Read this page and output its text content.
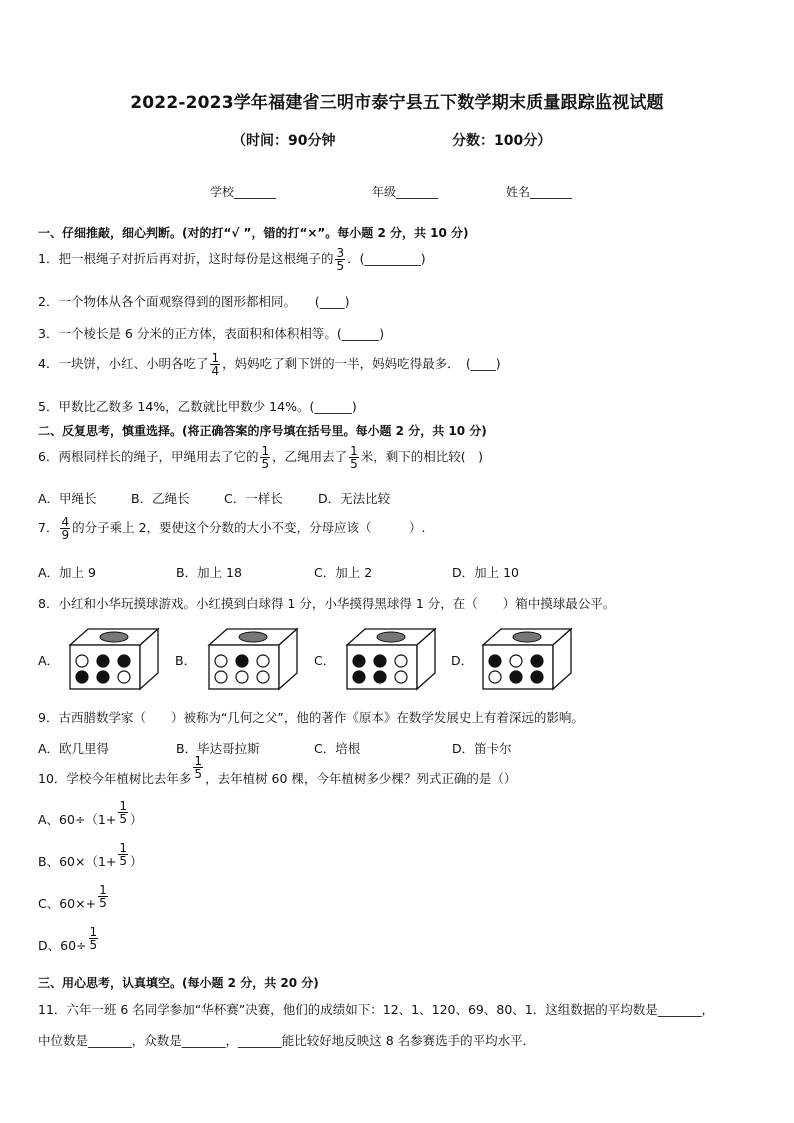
2022-2023学年福建省三明市泰宁县五下数学期末质量跟踪监视试题
（时间：90分钟	分数：100分）
学校_______	年级_______	姓名_______
一、仔细推敲，细心判断。(对的打“√ ”，错的打“×”。每小题 2 分，共 10 分)
1．把一根绳子对折后再对折，这时每份是这根绳子的 $\frac{3}{5}$ ．(_________)
2．一个物体从各个面观察得到的图形都相同。　　(____)
3．一个棱长是 6 分米的正方体，表面积和体积相等。(______)
4．一块饼，小红、小明各吃了 $\frac{1}{4}$ ，妈妈吃了剩下饼的一半，妈妈吃得最多．　(____)
5．甲数比乙数多 14%，乙数就比甲数少 14%。(______)
二、反复思考，慎重选择。(将正确答案的序号填在括号里。每小题 2 分，共 10 分)
6．两根同样长的绳子，甲绳用去了它的 $\frac{1}{5}$ ，乙绳用去了 $\frac{1}{5}$ 米，剩下的相比较(　)
A．甲绳长	B．乙绳长	C．一样长	D．无法比较
7． $\frac{4}{9}$ 的分子乘上 2，要使这个分数的大小不变，分母应该（　　　）.
A．加上 9	B．加上 18	C．加上 2	D．加上 10
8．小红和小华玩摸球游戏。小红摸到白球得 1 分，小华摸得黑球得 1 分，在（　　）箱中摸球最公平。
A．	B．	C．	D．
9．古西腊数学家（　　）被称为“几何之父”，他的著作《原本》在数学发展史上有着深远的影响。
A．欧几里得	B．毕达哥拉斯	C．培根	D．笛卡尔
10．学校今年植树比去年多 $\frac{1}{5}$ ，去年植树 60 棵，今年植树多少棵？列式正确的是（）
A、$60\div(1+ \frac{1}{5}$ ）
B、$60\times(1+ \frac{1}{5}$ ）
C、$60\times+ \frac{1}{5}$
D、$60\div \frac{1}{5}$
三、用心思考，认真填空。(每小题 2 分，共 20 分)
11．六年一班 6 名同学参加“华杯赛”决赛，他们的成绩如下：12、1、120、69、80、1．这组数据的平均数是_______，
中位数是_______，众数是_______，_______能比较好地反映这 8 名参赛选手的平均水平．
